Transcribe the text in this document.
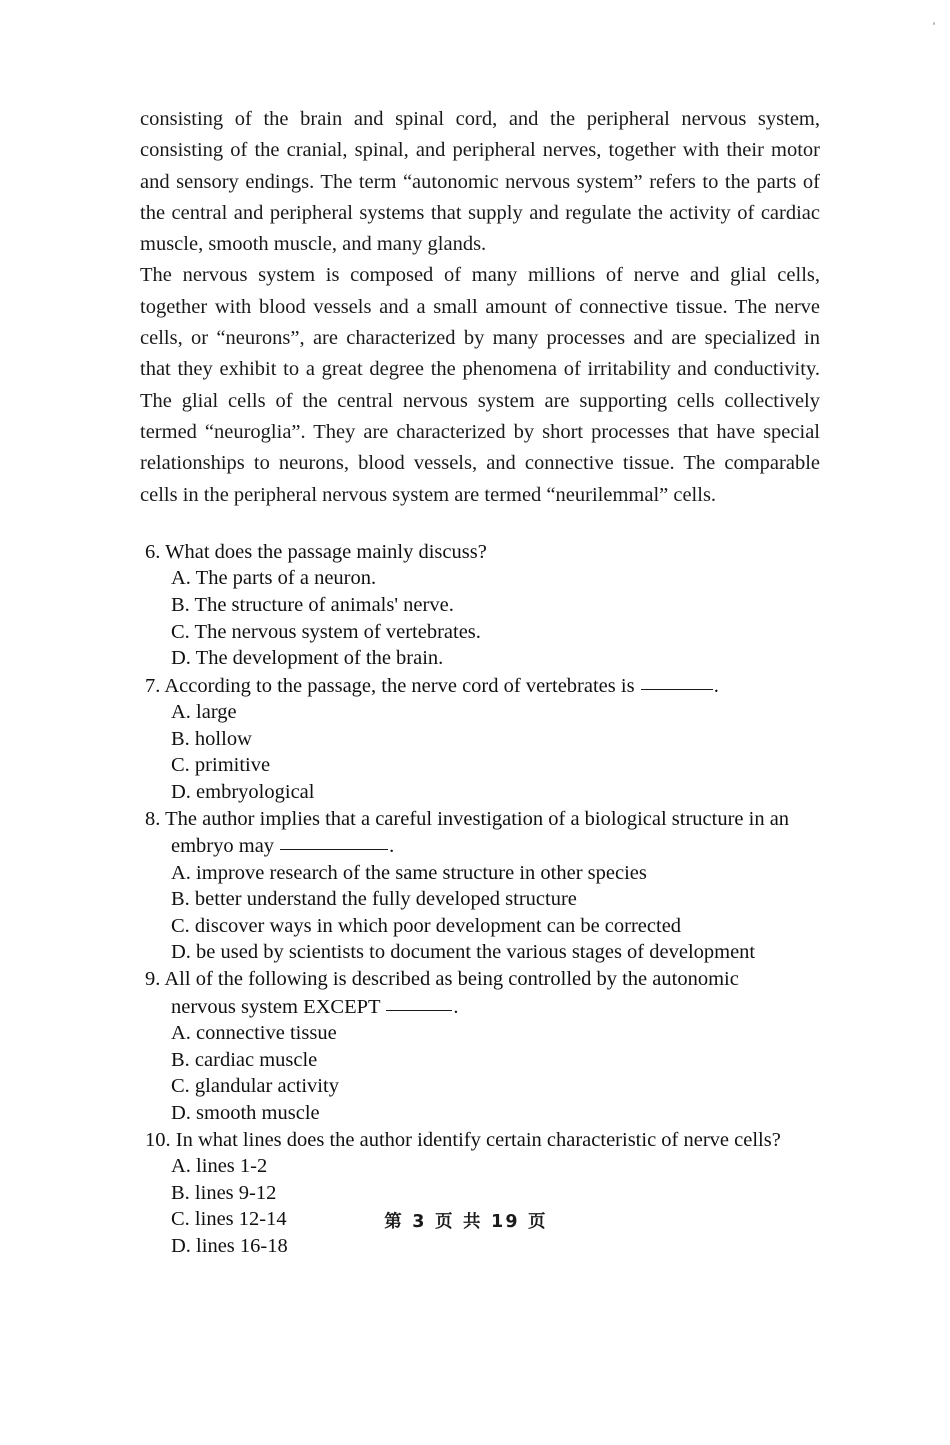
consisting of the brain and spinal cord, and the peripheral nervous system, consisting of the cranial, spinal, and peripheral nerves, together with their motor and sensory endings. The term “autonomic nervous system” refers to the parts of the central and peripheral systems that supply and regulate the activity of cardiac muscle, smooth muscle, and many glands.

The nervous system is composed of many millions of nerve and glial cells, together with blood vessels and a small amount of connective tissue. The nerve cells, or “neurons”, are characterized by many processes and are specialized in that they exhibit to a great degree the phenomena of irritability and conductivity. The glial cells of the central nervous system are supporting cells collectively termed “neuroglia”. They are characterized by short processes that have special relationships to neurons, blood vessels, and connective tissue. The comparable cells in the peripheral nervous system are termed “neurilemmal” cells.

6. What does the passage mainly discuss?
A. The parts of a neuron.
B. The structure of animals' nerve.
C. The nervous system of vertebrates.
D. The development of the brain.
7. According to the passage, the nerve cord of vertebrates is	.
A. large
B. hollow
C. primitive
D. embryological
8. The author implies that a careful investigation of a biological structure in an
embryo may	.
A. improve research of the same structure in other species
B. better understand the fully developed structure
C. discover ways in which poor development can be corrected
D. be used by scientists to document the various stages of development
9. All of the following is described as being controlled by the autonomic
nervous system EXCEPT	.
A. connective tissue
B. cardiac muscle
C. glandular activity
D. smooth muscle
10. In what lines does the author identify certain characteristic of nerve cells?
A. lines 1-2
B. lines 9-12
C. lines 12-14
D. lines 16-18
第 3 页 共 19 页
